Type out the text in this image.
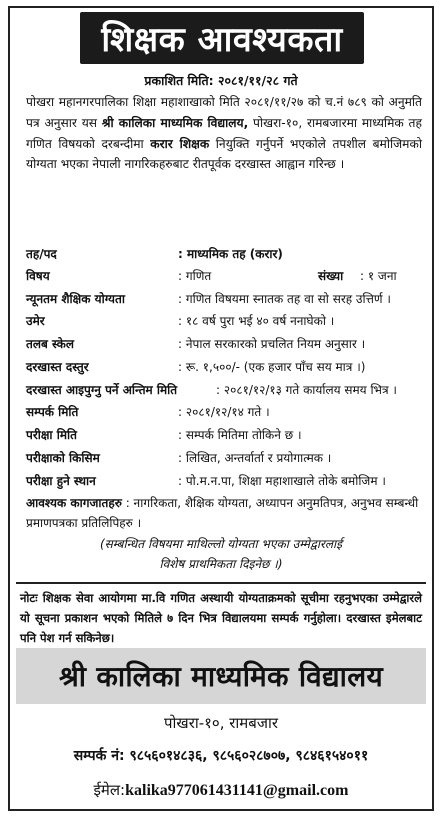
शिक्षक आवश्यकता
प्रकाशित मिति: २०८१/११/२८ गते
पोखरा महानगरपालिका शिक्षा महाशाखाको मिति २०८१/११/२७ को च.नं ७८९ को अनुमति पत्र अनुसार यस श्री कालिका माध्यमिक विद्यालय, पोखरा-१०, रामबजारमा माध्यमिक तह गणित विषयको दरबन्दीमा करार शिक्षक नियुक्ति गर्नुपर्ने भएकोले तपशील बमोजिमको योग्यता भएका नेपाली नागरिकहरुबाट रीतपूर्वक दरखास्त आह्वान गरिन्छ ।
तह/पद	: माध्यमिक तह (करार)
विषय	: गणित	संख्या : १ जना
न्यूनतम शैक्षिक योग्यता	: गणित विषयमा स्नातक तह वा सो सरह उत्तिर्ण ।
उमेर	: १८ वर्ष पुरा भई ४० वर्ष ननाघेको ।
तलब स्केल	: नेपाल सरकारको प्रचलित नियम अनुसार ।
दरखास्त दस्तुर	: रू. १,५००/- (एक हजार पाँच सय मात्र ।)
दरखास्त आइपुग्नु पर्ने अन्तिम मिति	: २०८१/१२/१३ गते कार्यालय समय भित्र ।
सम्पर्क मिति	: २०८१/१२/१४ गते ।
परीक्षा मिति	: सम्पर्क मितिमा तोकिने छ ।
परीक्षाको किसिम	: लिखित, अन्तर्वार्ता र प्रयोगात्मक ।
परीक्षा हुने स्थान	: पो.म.न.पा, शिक्षा महाशाखाले तोके बमोजिम ।
आवश्यक कागजातहरु : नागरिकता, शैक्षिक योग्यता, अध्यापन अनुमतिपत्र, अनुभव सम्बन्धी प्रमाणपत्रका प्रतिलिपिहरु ।
(सम्बन्धित विषयमा माथिल्लो योग्यता भएका उम्मेद्वारलाई
विशेष प्राथमिकता दिइनेछ ।)
नोटः शिक्षक सेवा आयोगमा मा.वि गणित अस्थायी योग्यताक्रमको सूचीमा रहनुभएका उम्मेद्वारले यो सूचना प्रकाशन भएको मितिले ७ दिन भित्र विद्यालयमा सम्पर्क गर्नुहोला। दरखास्त इमेलबाट पनि पेश गर्न सकिनेछ।
श्री कालिका माध्यमिक विद्यालय
पोखरा-१०, रामबजार
सम्पर्क नं: ९८५६०१४८३६, ९८५६०२८७०७, ९८४६१५४०११
ईमेल:kalika977061431141@gmail.com
